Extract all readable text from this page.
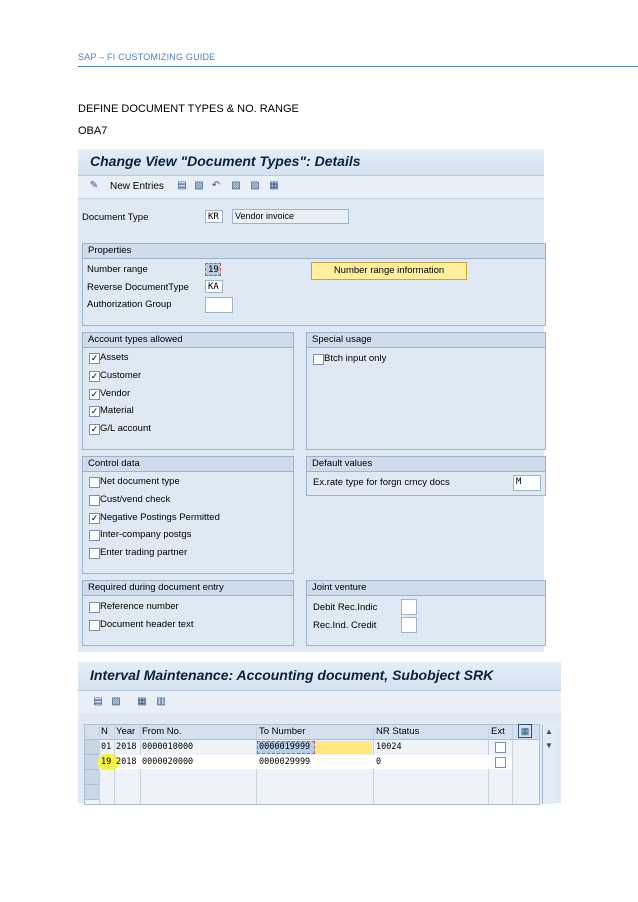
SAP – FI CUSTOMIZING GUIDE
DEFINE DOCUMENT TYPES & NO. RANGE
OBA7
Change View "Document Types": Details
✎ New Entries ▤ ▧ ↶ ▨ ▨ ▦
Document Type	KR	Vendor invoice
Properties
Number range	19
Reverse DocumentType	KA
Authorization Group
Number range information
Account types allowed
✓ Assets
✓ Customer
✓ Vendor
✓ Material
✓ G/L account
Special usage
Btch input only
Control data
Net document type
Cust/vend check
✓ Negative Postings Permitted
Inter-company postgs
Enter trading partner
Default values
Ex.rate type for forgn crncy docs	M
Required during document entry
Reference number
Document header text
Joint venture
Debit Rec.Indic
Rec.Ind. Credit
Interval Maintenance: Accounting document, Subobject SRK
▤ ▧ ▦ ▥
N Year From No.	To Number	NR Status	Ext
01 2018 0000010000	0000019999	10024
19 2018 0000020000	0000029999	0
▲
▼
▦
